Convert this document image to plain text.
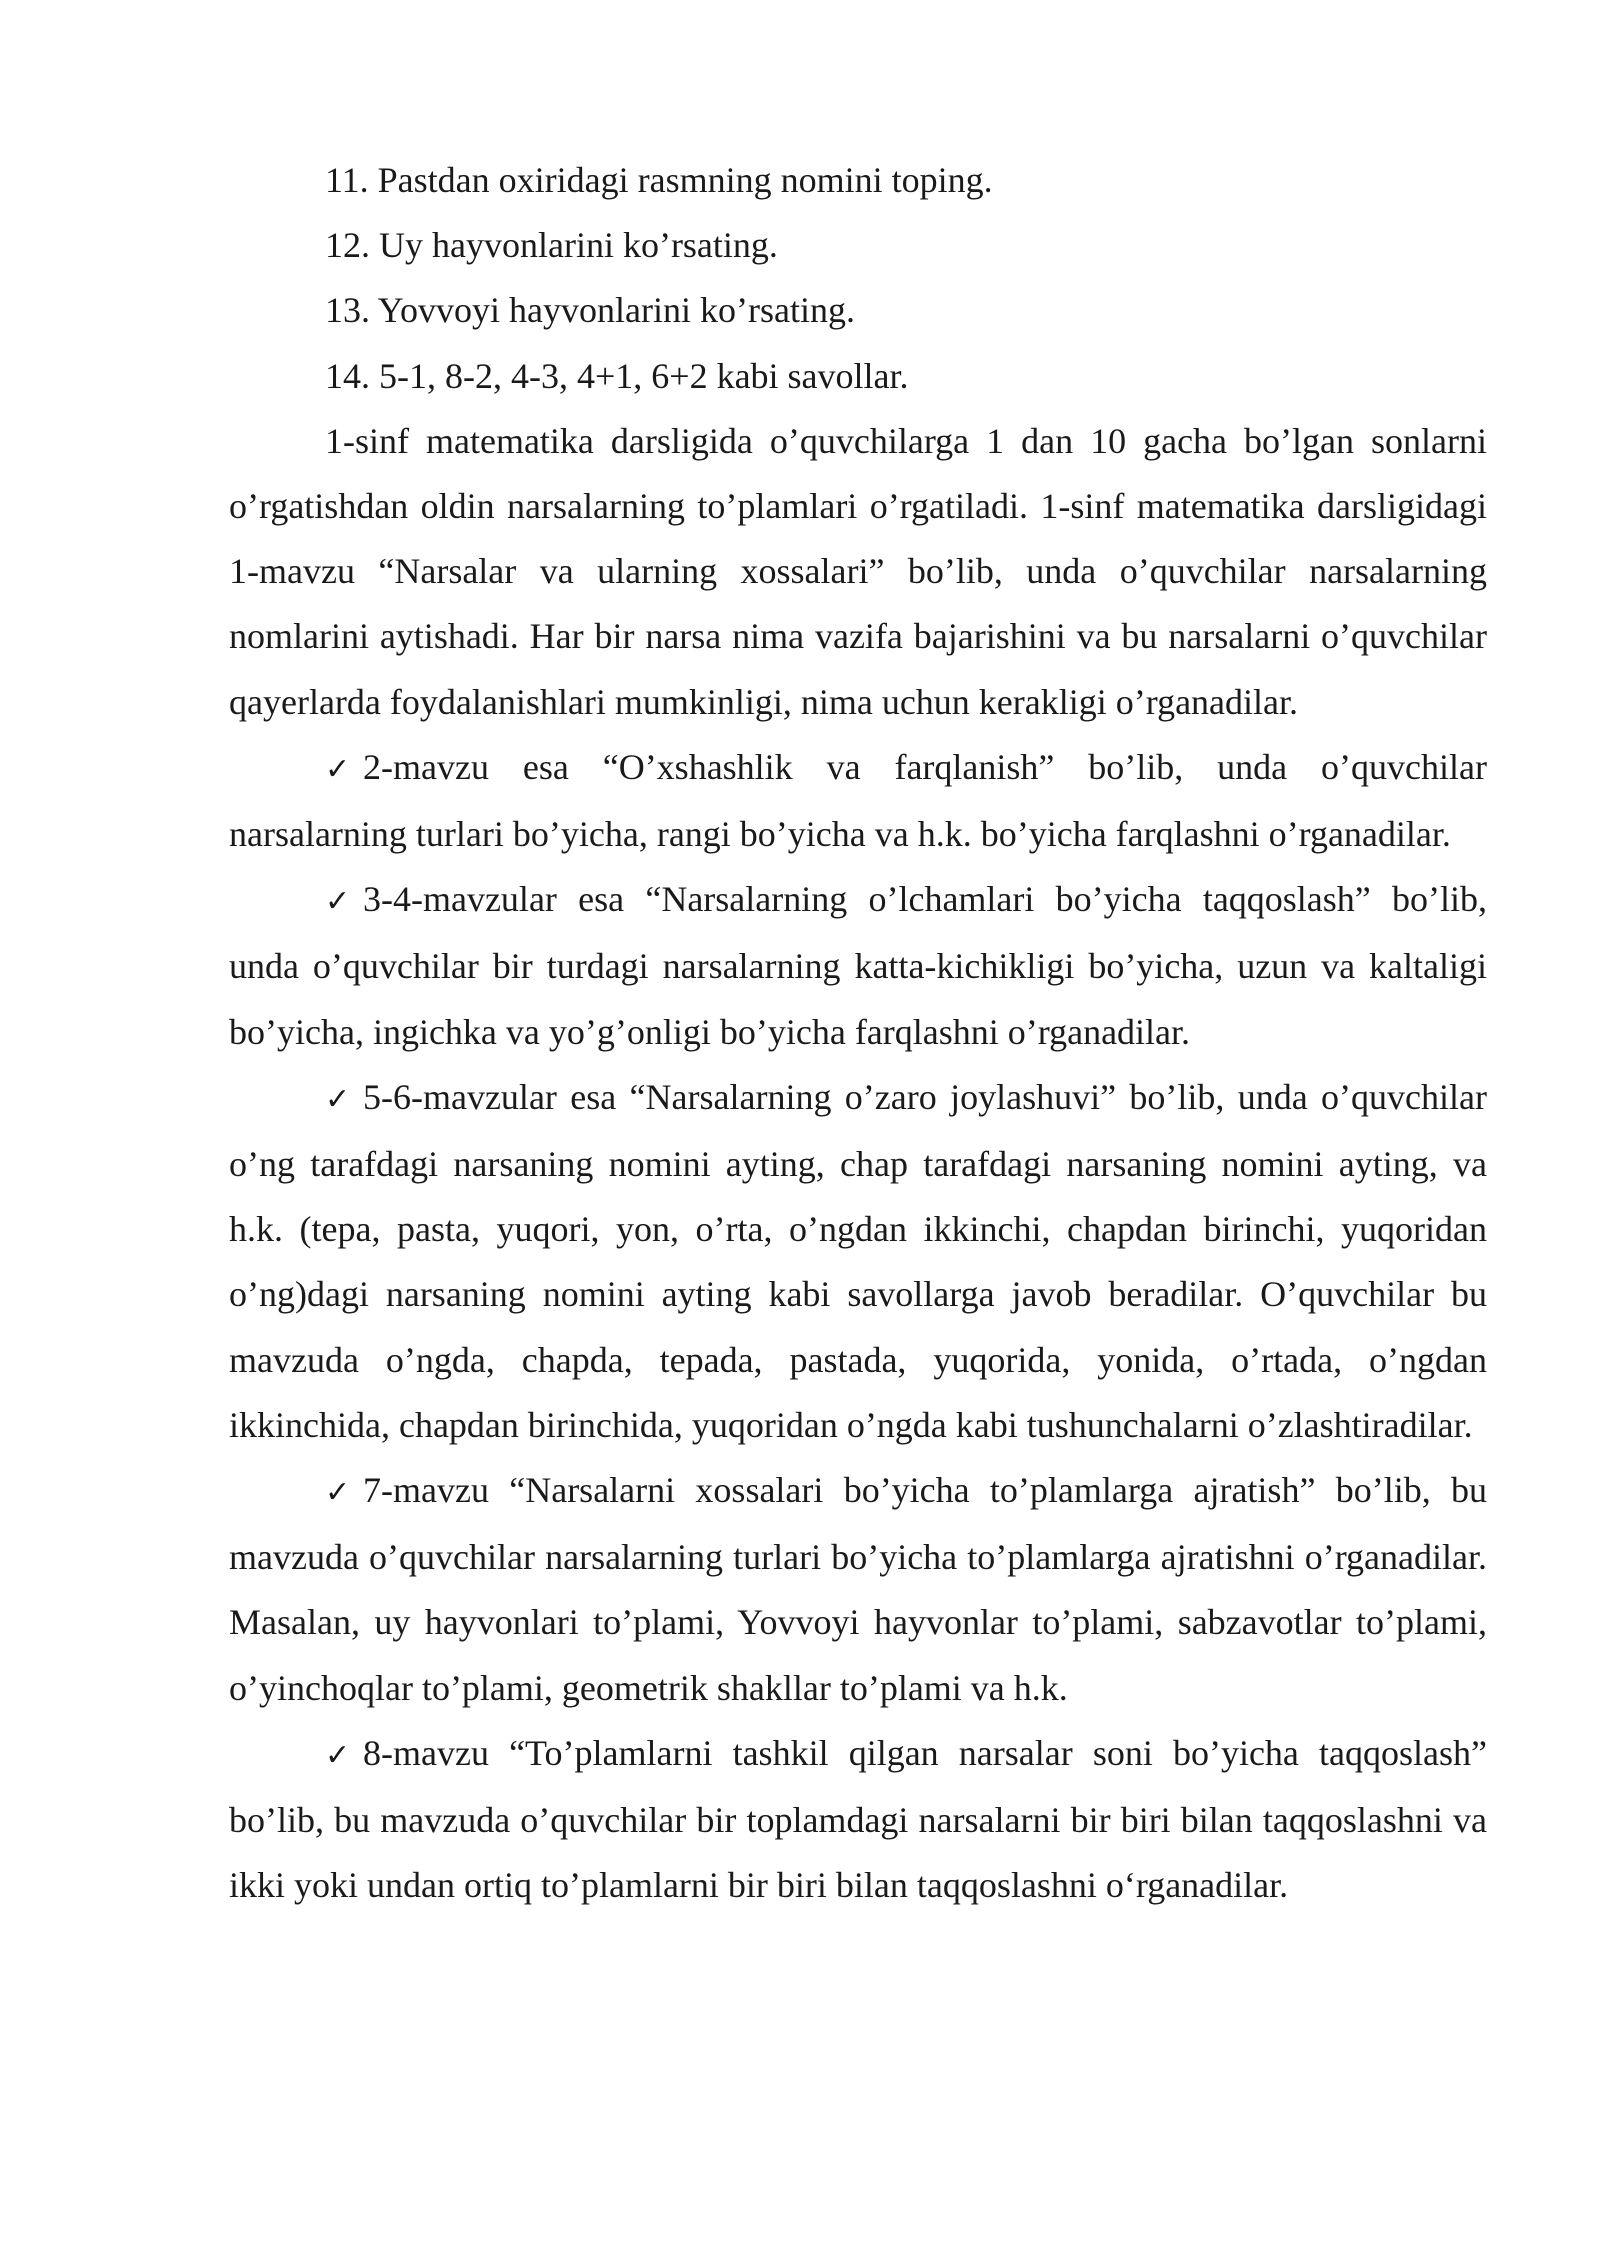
11. Pastdan oxiridagi rasmning nomini toping.

12. Uy hayvonlarini ko’rsating.

13. Yovvoyi hayvonlarini ko’rsating.

14. 5-1, 8-2, 4-3, 4+1, 6+2 kabi savollar.

1-sinf matematika darsligida o’quvchilarga 1 dan 10 gacha bo’lgan sonlarni o’rgatishdan oldin narsalarning to’plamlari o’rgatiladi. 1-sinf matematika darsligidagi 1-mavzu “Narsalar va ularning xossalari” bo’lib, unda o’quvchilar narsalarning nomlarini aytishadi. Har bir narsa nima vazifa bajarishini va bu narsalarni o’quvchilar qayerlarda foydalanishlari mumkinligi, nima uchun kerakligi o’rganadilar.

✓ 2-mavzu esa “O’xshashlik va farqlanish” bo’lib, unda o’quvchilar narsalarning turlari bo’yicha, rangi bo’yicha va h.k. bo’yicha farqlashni o’rganadilar.

✓ 3-4-mavzular esa “Narsalarning o’lchamlari bo’yicha taqqoslash” bo’lib, unda o’quvchilar bir turdagi narsalarning katta-kichikligi bo’yicha, uzun va kaltaligi bo’yicha, ingichka va yo’g’onligi bo’yicha farqlashni o’rganadilar.

✓ 5-6-mavzular esa “Narsalarning o’zaro joylashuvi” bo’lib, unda o’quvchilar o’ng tarafdagi narsaning nomini ayting, chap tarafdagi narsaning nomini ayting, va h.k. (tepa, pasta, yuqori, yon, o’rta, o’ngdan ikkinchi, chapdan birinchi, yuqoridan o’ng)dagi narsaning nomini ayting kabi savollarga javob beradilar. O’quvchilar bu mavzuda o’ngda, chapda, tepada, pastada, yuqorida, yonida, o’rtada, o’ngdan ikkinchida, chapdan birinchida, yuqoridan o’ngda kabi tushunchalarni o’zlashtiradilar.

✓ 7-mavzu “Narsalarni xossalari bo’yicha to’plamlarga ajratish” bo’lib, bu mavzuda o’quvchilar narsalarning turlari bo’yicha to’plamlarga ajratishni o’rganadilar. Masalan, uy hayvonlari to’plami, Yovvoyi hayvonlar to’plami, sabzavotlar to’plami, o’yinchoqlar to’plami, geometrik shakllar to’plami va h.k.

✓ 8-mavzu “To’plamlarni tashkil qilgan narsalar soni bo’yicha taqqoslash” bo’lib, bu mavzuda o’quvchilar bir toplamdagi narsalarni bir biri bilan taqqoslashni va ikki yoki undan ortiq to’plamlarni bir biri bilan taqqoslashni o‘rganadilar.
